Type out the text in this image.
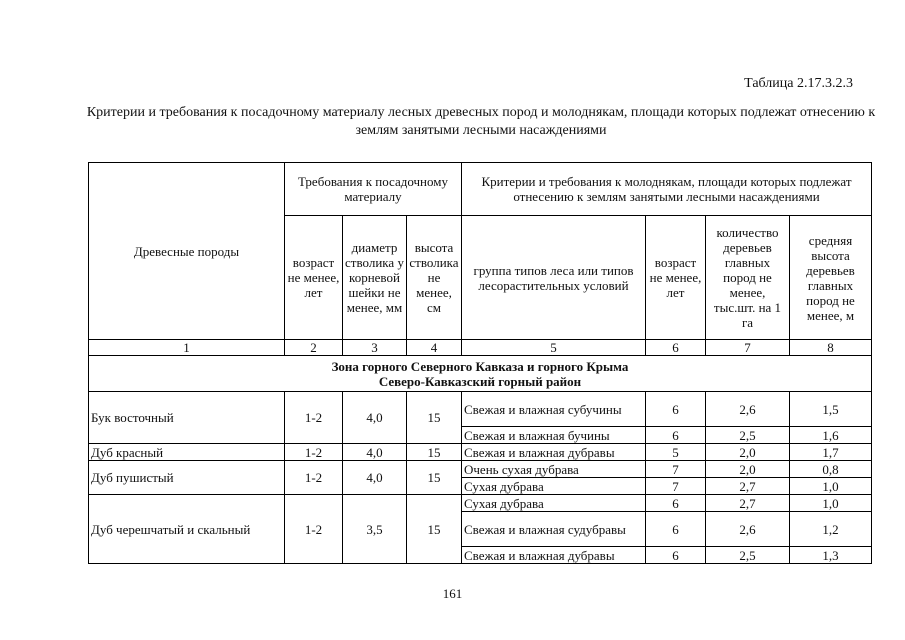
Таблица 2.17.3.2.3
Критерии и требования к посадочному материалу лесных древесных пород и молоднякам, площади которых подлежат отнесению к землям занятыми лесными насаждениями
Древесные породы	Требования к посадочному материалу			Критерии и требования к молоднякам, площади которых подлежат отнесению к землям занятыми лесными насаждениями			
	возраст не менее, лет	диаметр стволика у корневой шейки не менее, мм	высота стволика не менее, см	группа типов леса или типов лесорастительных условий	возраст не менее, лет	количество деревьев главных пород не менее, тыс.шт. на 1 га	средняя высота деревьев главных пород не менее, м
1	2	3	4	5	6	7	8
Зона горного Северного Кавказа и горного Крыма
Северо-Кавказский горный район							
Бук восточный	1-2	4,0	15	Свежая и влажная субучины	6	2,6	1,5
				Свежая и влажная бучины	6	2,5	1,6
Дуб красный	1-2	4,0	15	Свежая и влажная дубравы	5	2,0	1,7
Дуб пушистый	1-2	4,0	15	Очень сухая дубрава	7	2,0	0,8
				Сухая дубрава	7	2,7	1,0
Дуб черешчатый и скальный	1-2	3,5	15	Сухая дубрава	6	2,7	1,0
				Свежая и влажная судубравы	6	2,6	1,2
				Свежая и влажная дубравы	6	2,5	1,3
161
